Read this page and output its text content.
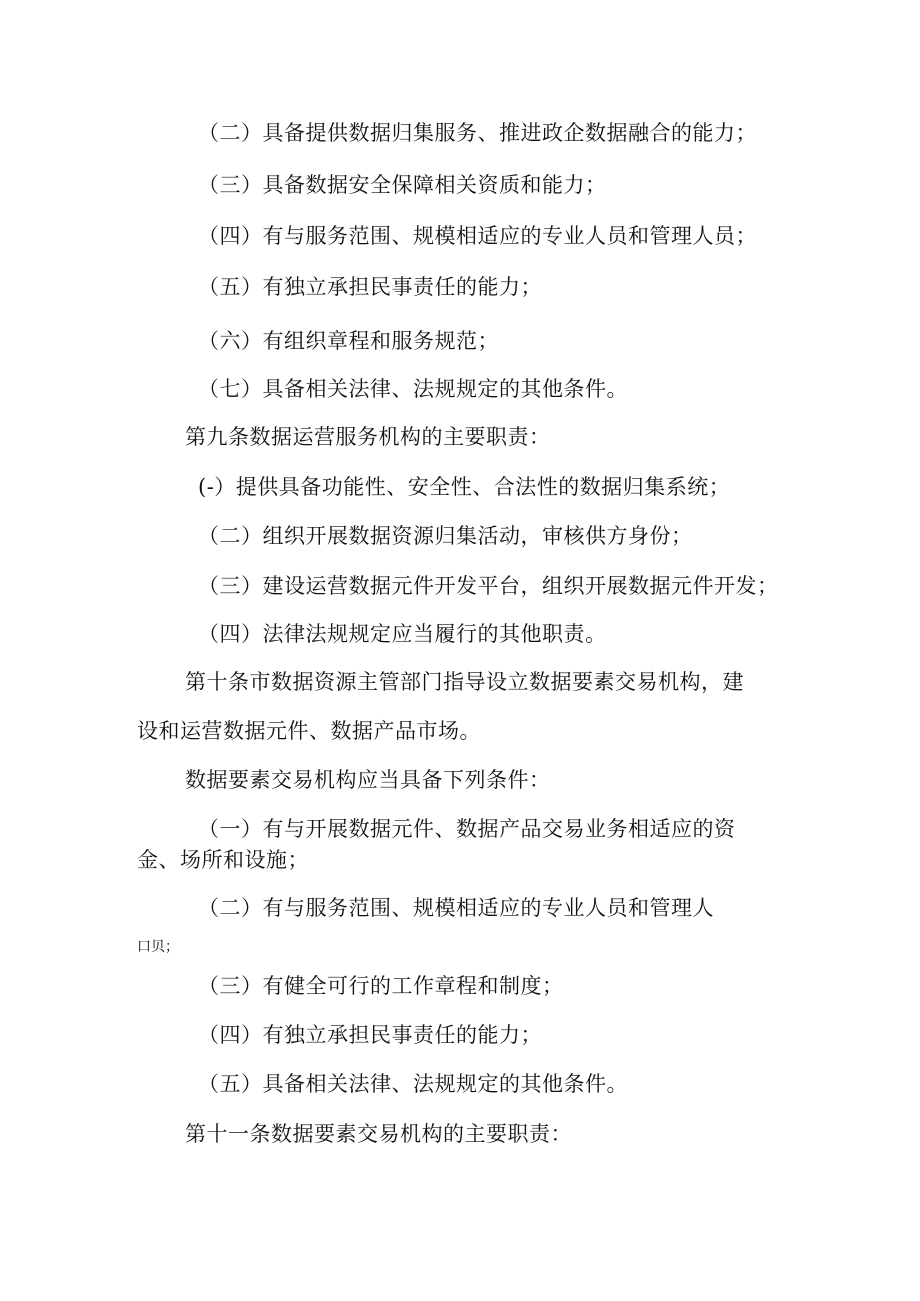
（二）具备提供数据归集服务、推进政企数据融合的能力；
（三）具备数据安全保障相关资质和能力；
（四）有与服务范围、规模相适应的专业人员和管理人员；
（五）有独立承担民事责任的能力；
（六）有组织章程和服务规范；
（七）具备相关法律、法规规定的其他条件。
第九条数据运营服务机构的主要职责：
(-）提供具备功能性、安全性、合法性的数据归集系统；
（二）组织开展数据资源归集活动，审核供方身份；
（三）建设运营数据元件开发平台，组织开展数据元件开发；
（四）法律法规规定应当履行的其他职责。
第十条市数据资源主管部门指导设立数据要素交易机构，建
设和运营数据元件、数据产品市场。
数据要素交易机构应当具备下列条件：
（一）有与开展数据元件、数据产品交易业务相适应的资
金、场所和设施；
（二）有与服务范围、规模相适应的专业人员和管理人
口贝；
（三）有健全可行的工作章程和制度；
（四）有独立承担民事责任的能力；
（五）具备相关法律、法规规定的其他条件。
第十一条数据要素交易机构的主要职责：
